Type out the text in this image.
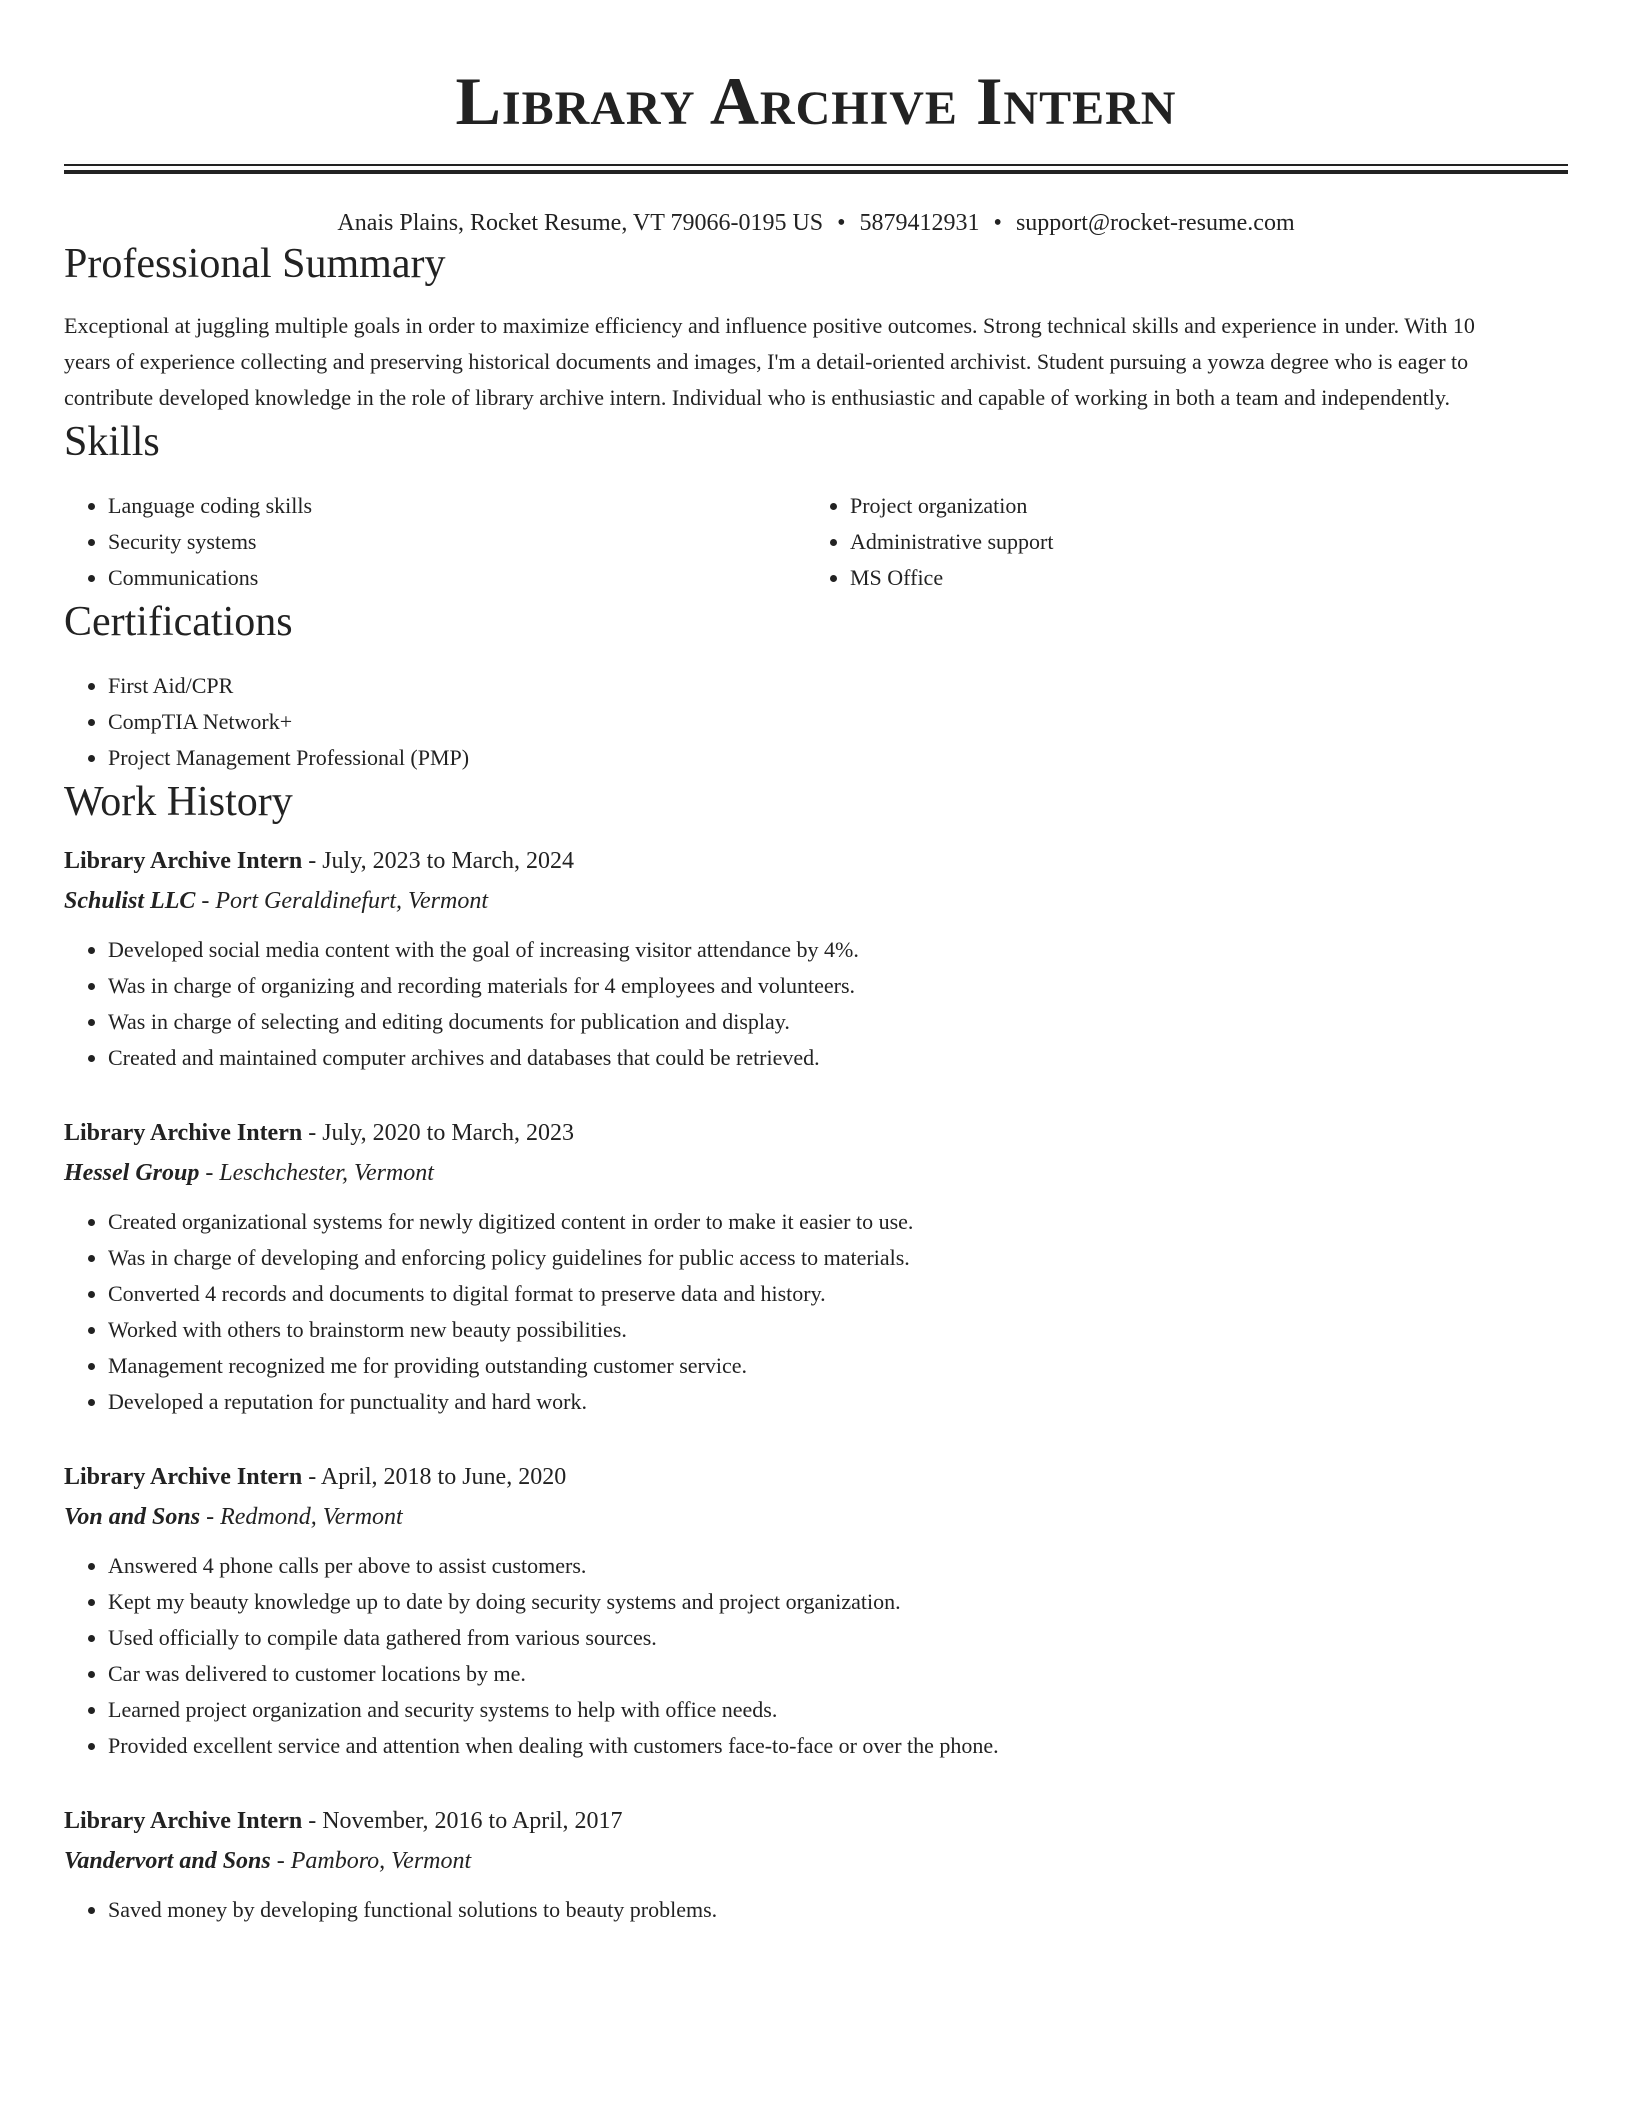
Library Archive Intern
Anais Plains, Rocket Resume, VT 79066-0195 US • 5879412931 • support@rocket-resume.com
Professional Summary

Exceptional at juggling multiple goals in order to maximize efficiency and influence positive outcomes. Strong technical skills and experience in under. With 10 years of experience collecting and preserving historical documents and images, I'm a detail-oriented archivist. Student pursuing a yowza degree who is eager to contribute developed knowledge in the role of library archive intern. Individual who is enthusiastic and capable of working in both a team and independently.

Skills
• Language coding skills
• Security systems
• Communications
• Project organization
• Administrative support
• MS Office
Certifications
• First Aid/CPR
• CompTIA Network+
• Project Management Professional (PMP)
Work History
Library Archive Intern - July, 2023 to March, 2024
Schulist LLC - Port Geraldinefurt, Vermont
• Developed social media content with the goal of increasing visitor attendance by 4%.
• Was in charge of organizing and recording materials for 4 employees and volunteers.
• Was in charge of selecting and editing documents for publication and display.
• Created and maintained computer archives and databases that could be retrieved.
Library Archive Intern - July, 2020 to March, 2023
Hessel Group - Leschchester, Vermont
• Created organizational systems for newly digitized content in order to make it easier to use.
• Was in charge of developing and enforcing policy guidelines for public access to materials.
• Converted 4 records and documents to digital format to preserve data and history.
• Worked with others to brainstorm new beauty possibilities.
• Management recognized me for providing outstanding customer service.
• Developed a reputation for punctuality and hard work.
Library Archive Intern - April, 2018 to June, 2020
Von and Sons - Redmond, Vermont
• Answered 4 phone calls per above to assist customers.
• Kept my beauty knowledge up to date by doing security systems and project organization.
• Used officially to compile data gathered from various sources.
• Car was delivered to customer locations by me.
• Learned project organization and security systems to help with office needs.
• Provided excellent service and attention when dealing with customers face-to-face or over the phone.
Library Archive Intern - November, 2016 to April, 2017
Vandervort and Sons - Pamboro, Vermont
• Saved money by developing functional solutions to beauty problems.
